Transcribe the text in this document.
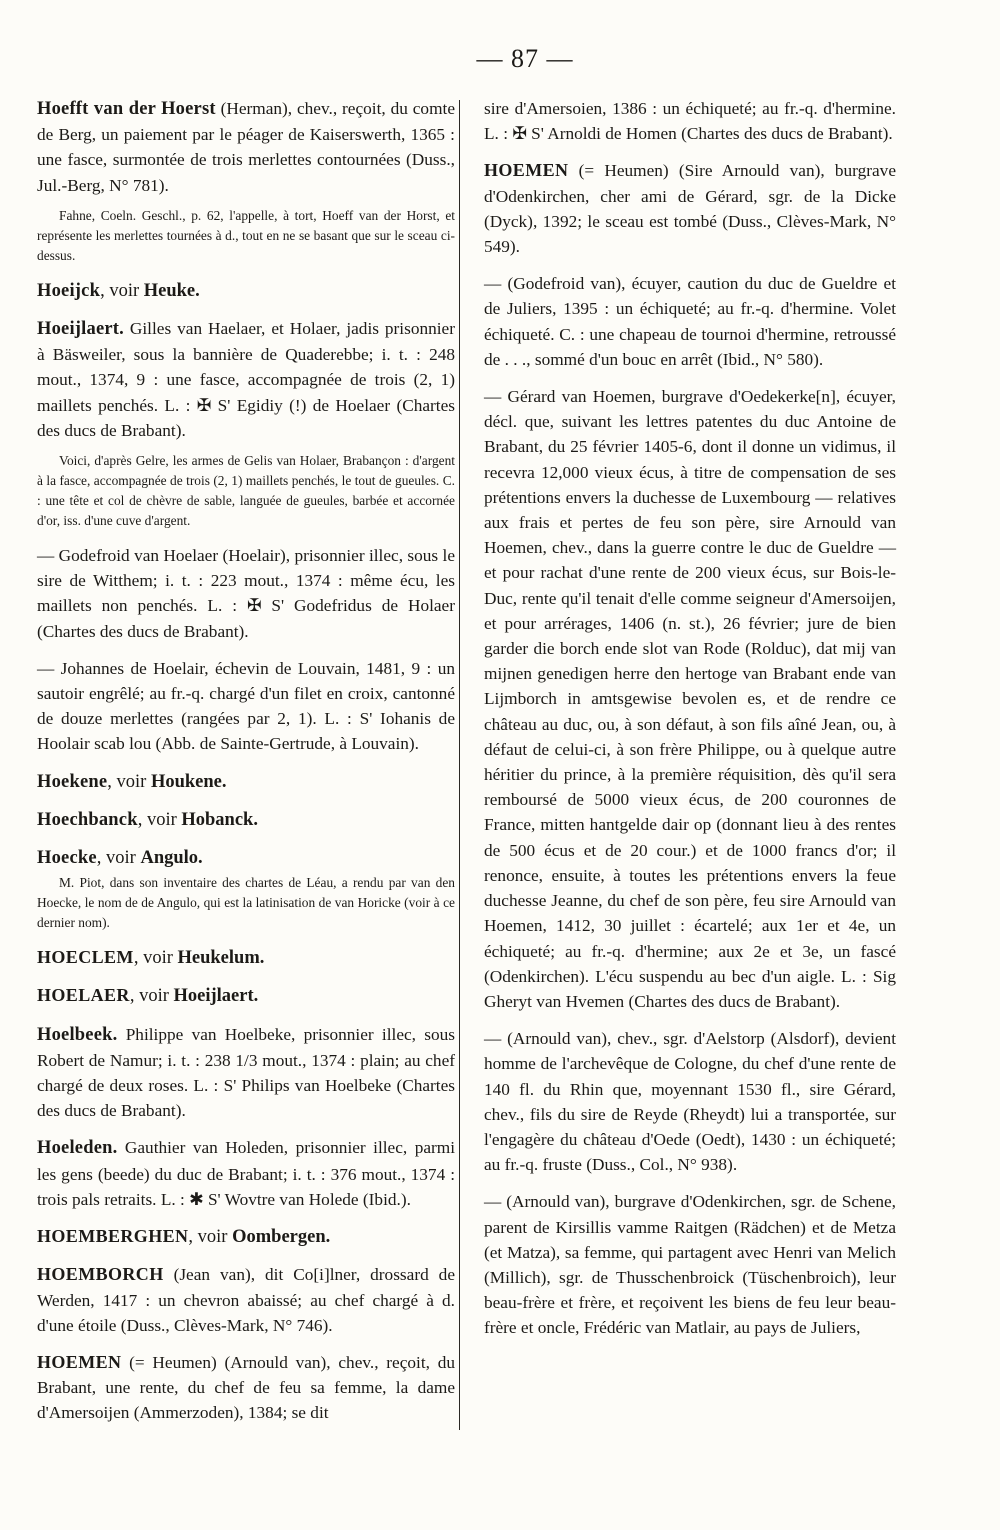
— 87 —

Hoefft van der Hoerst (Herman), chev., reçoit, du comte de Berg, un paiement par le péager de Kaiserswerth, 1365 : une fasce, surmontée de trois merlettes contournées (Duss., Jul.-Berg, N° 781).

Fahne, Coeln. Geschl., p. 62, l'appelle, à tort, Hoeff van der Horst, et représente les merlettes tournées à d., tout en ne se basant que sur le sceau ci-dessus.

Hoeijck, voir Heuke.

Hoeijlaert. Gilles van Haelaer, et Holaer, jadis prisonnier à Bäsweiler, sous la bannière de Quaderebbe; i. t. : 248 mout., 1374, 9 : une fasce, accompagnée de trois (2, 1) maillets penchés. L. : ✠ S' Egidiy (!) de Hoelaer (Chartes des ducs de Brabant).

Voici, d'après Gelre, les armes de Gelis van Holaer, Brabançon : d'argent à la fasce, accompagnée de trois (2, 1) maillets penchés, le tout de gueules. C. : une tête et col de chèvre de sable, languée de gueules, barbée et accornée d'or, iss. d'une cuve d'argent.

— Godefroid van Hoelaer (Hoelair), prisonnier illec, sous le sire de Witthem; i. t. : 223 mout., 1374 : même écu, les maillets non penchés. L. : ✠ S' Godefridus de Holaer (Chartes des ducs de Brabant).

— Johannes de Hoelair, échevin de Louvain, 1481, 9 : un sautoir engrêlé; au fr.-q. chargé d'un filet en croix, cantonné de douze merlettes (rangées par 2, 1). L. : S' Iohanis de Hoolair scab lou (Abb. de Sainte-Gertrude, à Louvain).

Hoekene, voir Houkene.

Hoechbanck, voir Hobanck.

Hoecke, voir Angulo.

M. Piot, dans son inventaire des chartes de Léau, a rendu par van den Hoecke, le nom de de Angulo, qui est la latinisation de van Horicke (voir à ce dernier nom).

HOECLEM, voir Heukelum.

HOELAER, voir Hoeijlaert.

Hoelbeek. Philippe van Hoelbeke, prisonnier illec, sous Robert de Namur; i. t. : 238 1/3 mout., 1374 : plain; au chef chargé de deux roses. L. : S' Philips van Hoelbeke (Chartes des ducs de Brabant).

Hoeleden. Gauthier van Holeden, prisonnier illec, parmi les gens (beede) du duc de Brabant; i. t. : 376 mout., 1374 : trois pals retraits. L. : ✱ S' Wovtre van Holede (Ibid.).

HOEMBERGHEN, voir Oombergen.

HOEMBORCH (Jean van), dit Co[i]lner, drossard de Werden, 1417 : un chevron abaissé; au chef chargé à d. d'une étoile (Duss., Clèves-Mark, N° 746).

HOEMEN (= Heumen) (Arnould van), chev., reçoit, du Brabant, une rente, du chef de feu sa femme, la dame d'Amersoijen (Ammerzoden), 1384; se dit

sire d'Amersoien, 1386 : un échiqueté; au fr.-q. d'hermine. L. : ✠ S' Arnoldi de Homen (Chartes des ducs de Brabant).

HOEMEN (= Heumen) (Sire Arnould van), burgrave d'Odenkirchen, cher ami de Gérard, sgr. de la Dicke (Dyck), 1392; le sceau est tombé (Duss., Clèves-Mark, N° 549).

— (Godefroid van), écuyer, caution du duc de Gueldre et de Juliers, 1395 : un échiqueté; au fr.-q. d'hermine. Volet échiqueté. C. : une chapeau de tournoi d'hermine, retroussé de . . ., sommé d'un bouc en arrêt (Ibid., N° 580).

— Gérard van Hoemen, burgrave d'Oedekerke[n], écuyer, décl. que, suivant les lettres patentes du duc Antoine de Brabant, du 25 février 1405-6, dont il donne un vidimus, il recevra 12,000 vieux écus, à titre de compensation de ses prétentions envers la duchesse de Luxembourg — relatives aux frais et pertes de feu son père, sire Arnould van Hoemen, chev., dans la guerre contre le duc de Gueldre — et pour rachat d'une rente de 200 vieux écus, sur Bois-le-Duc, rente qu'il tenait d'elle comme seigneur d'Amersoijen, et pour arrérages, 1406 (n. st.), 26 février; jure de bien garder die borch ende slot van Rode (Rolduc), dat mij van mijnen genedigen herre den hertoge van Brabant ende van Lijmborch in amtsgewise bevolen es, et de rendre ce château au duc, ou, à son défaut, à son fils aîné Jean, ou, à défaut de celui-ci, à son frère Philippe, ou à quelque autre héritier du prince, à la première réquisition, dès qu'il sera remboursé de 5000 vieux écus, de 200 couronnes de France, mitten hantgelde dair op (donnant lieu à des rentes de 500 écus et de 20 cour.) et de 1000 francs d'or; il renonce, ensuite, à toutes les prétentions envers la feue duchesse Jeanne, du chef de son père, feu sire Arnould van Hoemen, 1412, 30 juillet : écartelé; aux 1er et 4e, un échiqueté; au fr.-q. d'hermine; aux 2e et 3e, un fascé (Odenkirchen). L'écu suspendu au bec d'un aigle. L. : Sig Gheryt van Hvemen (Chartes des ducs de Brabant).

— (Arnould van), chev., sgr. d'Aelstorp (Alsdorf), devient homme de l'archevêque de Cologne, du chef d'une rente de 140 fl. du Rhin que, moyennant 1530 fl., sire Gérard, chev., fils du sire de Reyde (Rheydt) lui a transportée, sur l'engagère du château d'Oede (Oedt), 1430 : un échiqueté; au fr.-q. fruste (Duss., Col., N° 938).

— (Arnould van), burgrave d'Odenkirchen, sgr. de Schene, parent de Kirsillis vamme Raitgen (Rädchen) et de Metza (et Matza), sa femme, qui partagent avec Henri van Melich (Millich), sgr. de Thusschenbroick (Tüschenbroich), leur beau-frère et frère, et reçoivent les biens de feu leur beau-frère et oncle, Frédéric van Matlair, au pays de Juliers,
